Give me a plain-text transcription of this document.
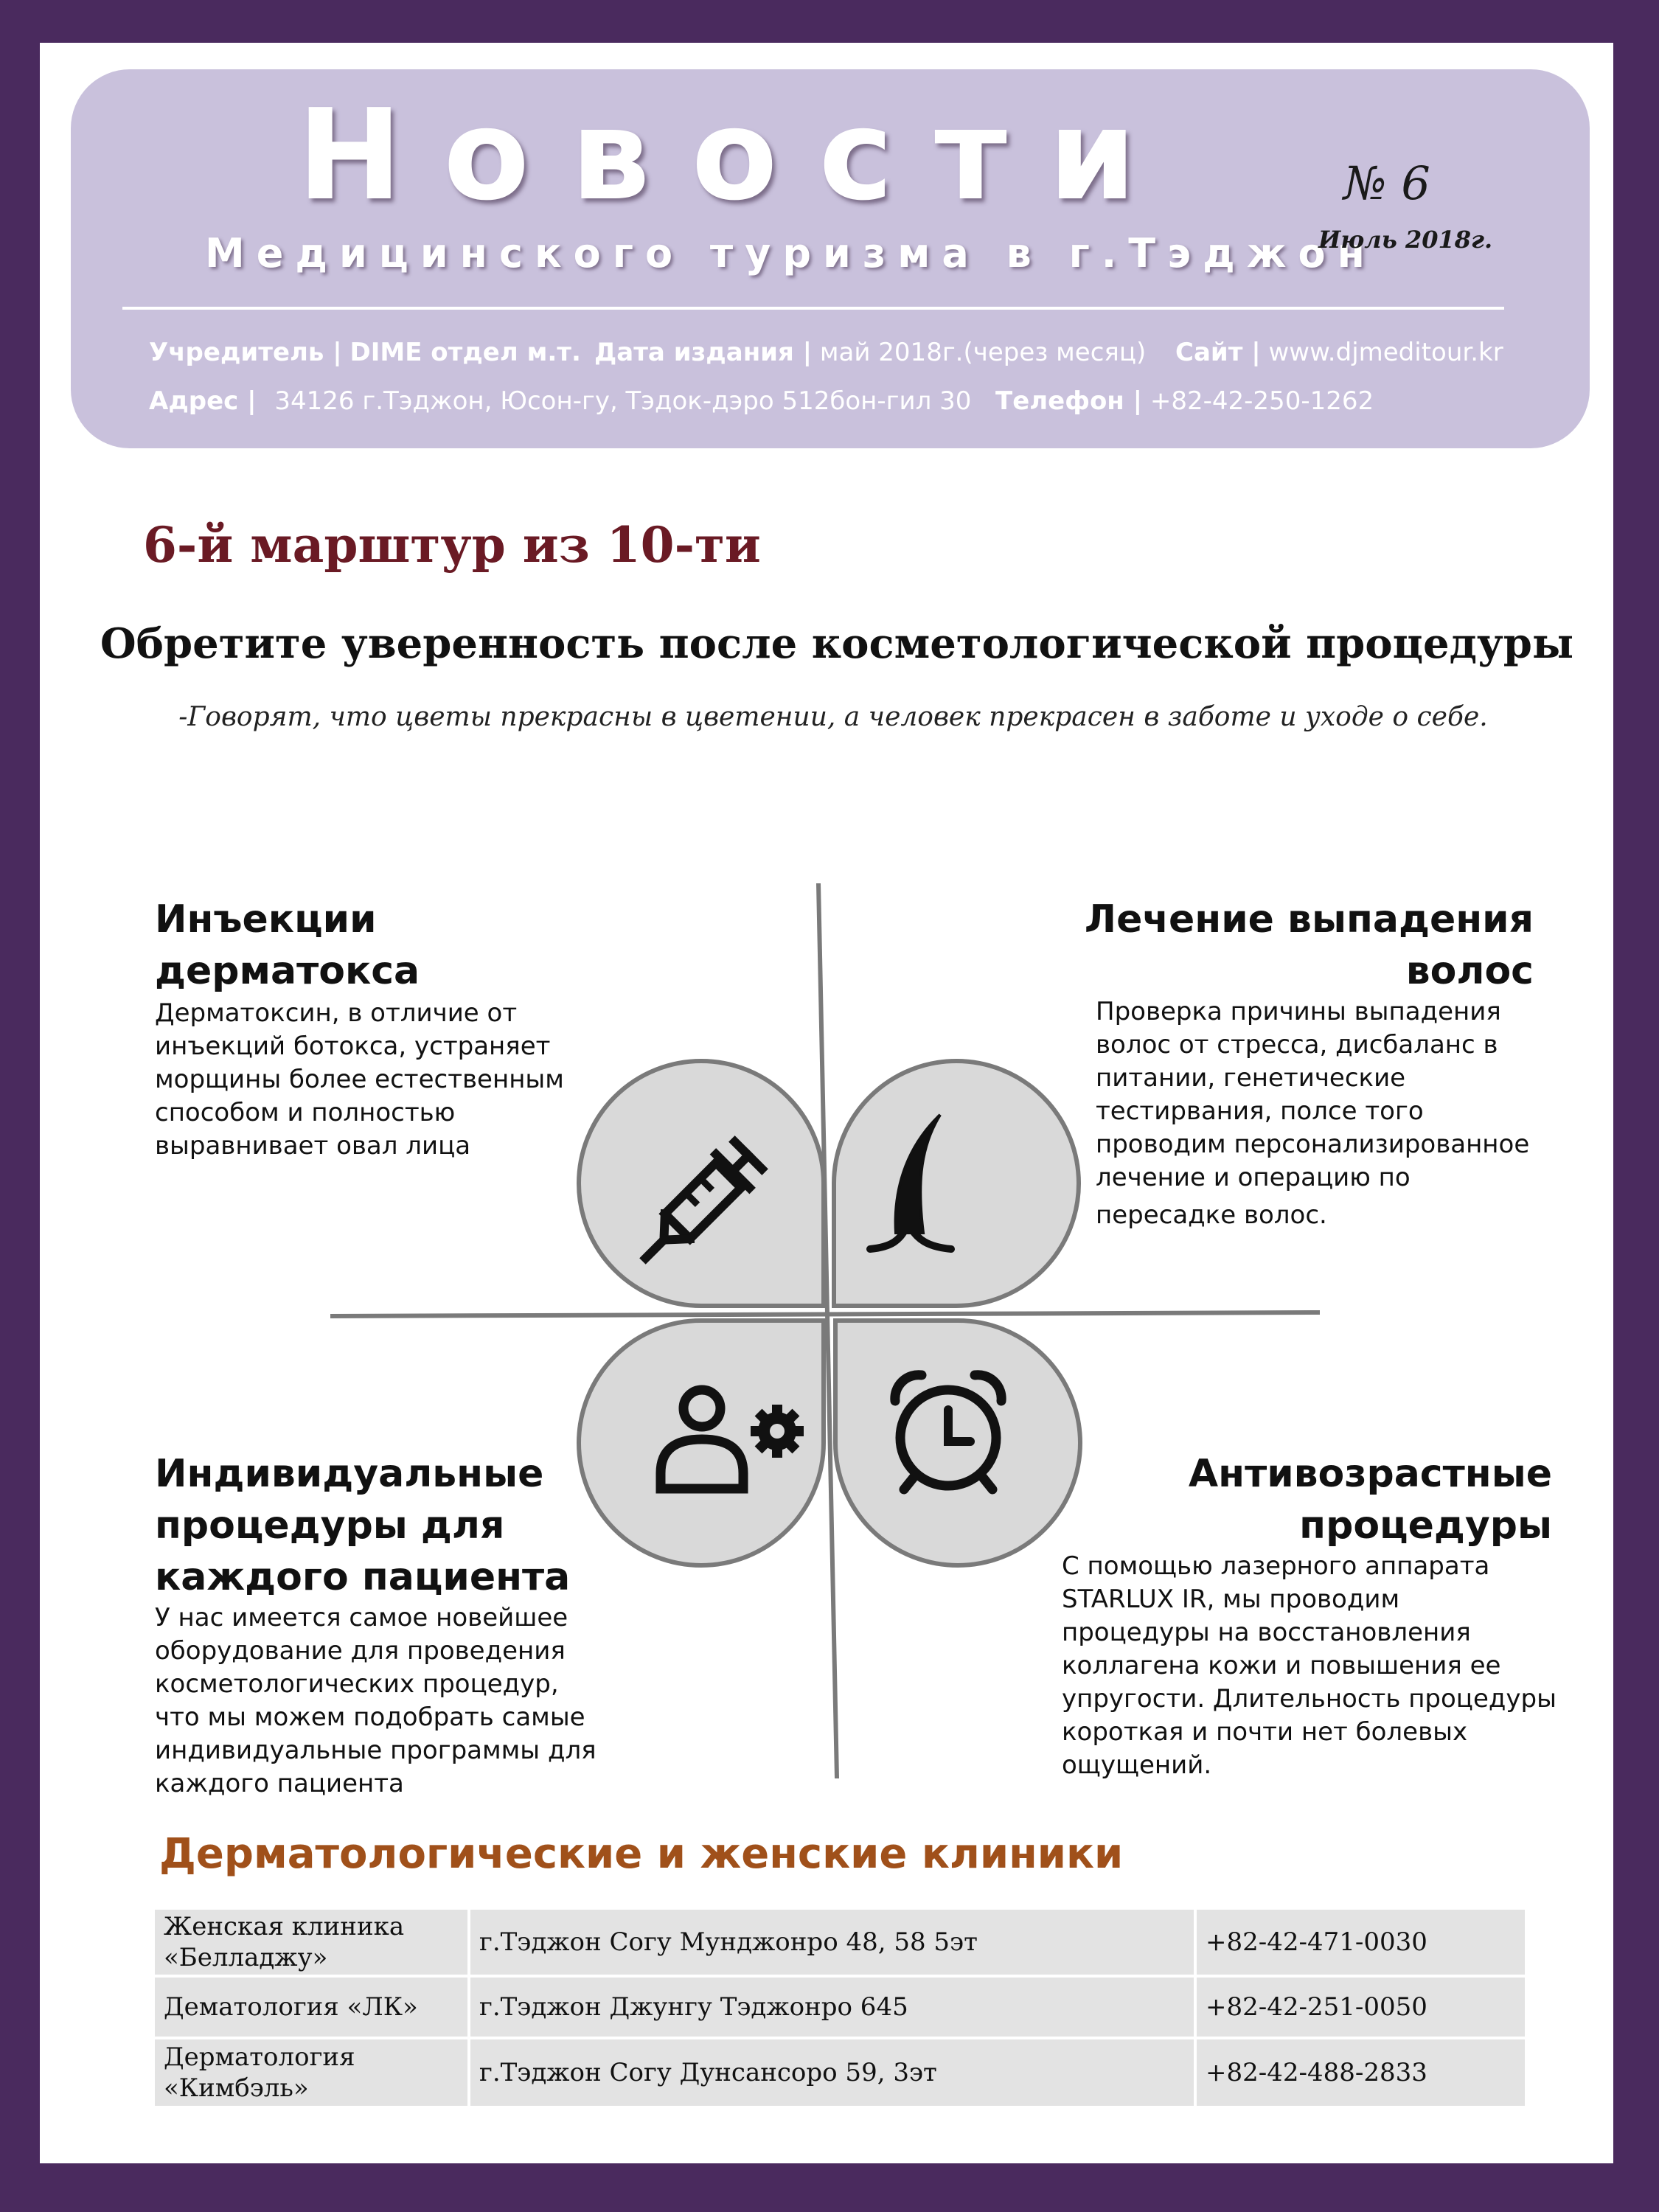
Новости
Медицинского туризма в г.Тэджон
№ 6
Июль 2018г.
Учредитель | DIME отдел м.т. Дата издания | май 2018г.(через месяц) Сайт | www.djmeditour.kr
Адрес | 34126 г.Тэджон, Юсон-гу, Тэдок-дэро 512бон-гил 30 Телефон | +82-42-250-1262
6-й марштур из 10-ти
Обретите уверенность после косметологической процедуры
-Говорят, что цветы прекрасны в цветении, а человек прекрасен в заботе и уходе о себе.
Инъекции
дерматокса
Дерматоксин, в отличие от
инъекций ботокса, устраняет
морщины более естественным
способом и полностью
выравнивает овал лица
Лечение выпадения
волос
Проверка причины выпадения
волос от стресса, дисбаланс в
питании, генетические
тестирвания, полсе того
проводим персонализированное
лечение и операцию по
пересадке волос.
Индивидуальные
процедуры для
каждого пациента
У нас имеется самое новейшее
оборудование для проведения
косметологических процедур,
что мы можем подобрать самые
индивидуальные программы для
каждого пациента
Антивозрастные
процедуры
С помощью лазерного аппарата
STARLUX IR, мы проводим
процедуры на восстановления
коллагена кожи и повышения ее
упругости. Длительность процедуры
короткая и почти нет болевых
ощущений.
Дерматологические и женские клиники
Женская клиника
«Белладжу»	г.Тэджон Согу Мунджонро 48, 58 5эт	+82-42-471-0030

Дематология «ЛК»	г.Тэджон Джунгу Тэджонро 645	+82-42-251-0050

Дерматология
«Кимбэль»	г.Тэджон Согу Дунсансоро 59, 3эт	+82-42-488-2833
